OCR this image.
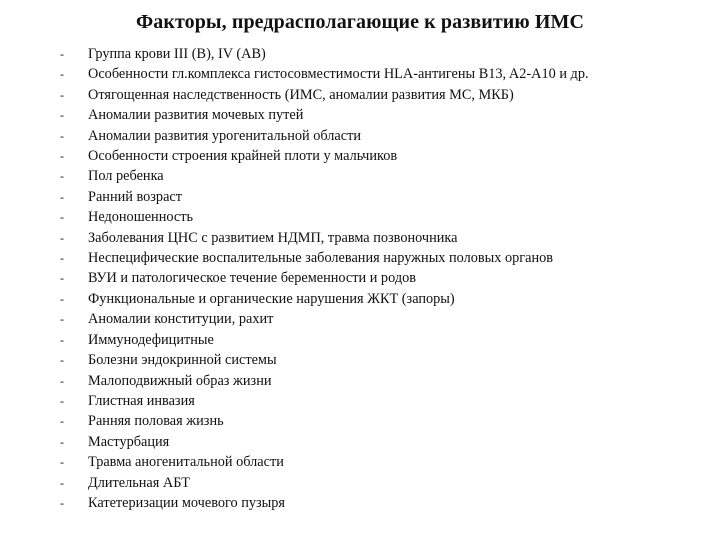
Факторы, предрасполагающие к развитию ИМС
-	Группа крови III (B), IV (AB)
-	Особенности гл.комплекса гистосовместимости HLA-антигены B13, A2-A10 и др.
-	Отягощенная наследственность (ИМС, аномалии развития МС, МКБ)
-	Аномалии развития мочевых путей
-	Аномалии развития урогенитальной области
-	Особенности строения крайней плоти у мальчиков
-	Пол ребенка
-	Ранний возраст
-	Недоношенность
-	Заболевания ЦНС с развитием НДМП, травма позвоночника
-	Неспецифические воспалительные заболевания наружных половых органов
-	ВУИ и патологическое течение беременности и родов
-	Функциональные и органические нарушения ЖКТ (запоры)
-	Аномалии конституции, рахит
-	Иммунодефицитные
-	Болезни эндокринной системы
-	Малоподвижный образ жизни
-	Глистная инвазия
-	Ранняя половая жизнь
-	Мастурбация
-	Травма аногенитальной области
-	Длительная АБТ
-	Катетеризации мочевого пузыря
